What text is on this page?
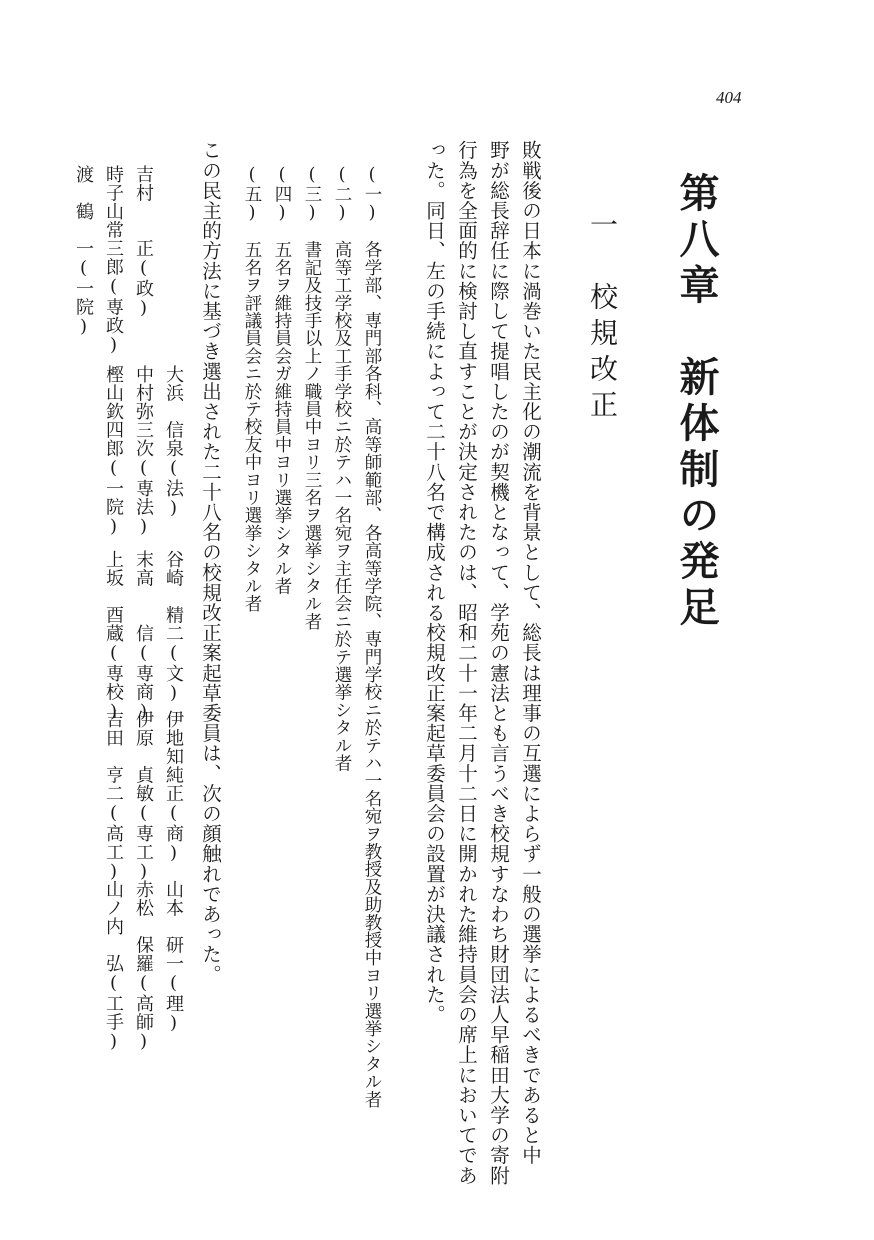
404
第八章　新体制の発足
一　校規改正
敗戦後の日本に渦巻いた民主化の潮流を背景として、総長は理事の互選によらず一般の選挙によるべきであると中
野が総長辞任に際して提唱したのが契機となって、学苑の憲法とも言うべき校規すなわち財団法人早稲田大学の寄附
行為を全面的に検討し直すことが決定されたのは、昭和二十一年二月十二日に開かれた維持員会の席上においてであ
った。同日、左の手続によって二十八名で構成される校規改正案起草委員会の設置が決議された。
(一)　各学部、専門部各科、高等師範部、各高等学院、専門学校ニ於テハ一名宛ヲ教授及助教授中ヨリ選挙シタル者
(二)　高等工学校及工手学校ニ於テハ一名宛ヲ主任会ニ於テ選挙シタル者
(三)　書記及技手以上ノ職員中ヨリ三名ヲ選挙シタル者
(四)　五名ヲ維持員会ガ維持員中ヨリ選挙シタル者
(五)　五名ヲ評議員会ニ於テ校友中ヨリ選挙シタル者
この民主的方法に基づき選出された二十八名の校規改正案起草委員は、次の顔触れであった。
大浜　信泉(法)
谷崎　精二(文)
伊地知純正(商)
山本　研一(理)
吉村　　正(政)
中村弥三次(専法)
末高　　信(専商)
伊原　貞敏(専工)
赤松　保羅(高師)
時子山常三郎(専政)
樫山欽四郎(一院)
上坂　酉蔵(専校)
吉田　亨二(高工)
山ノ内　弘(工手)
渡　鶴　一(一院)
